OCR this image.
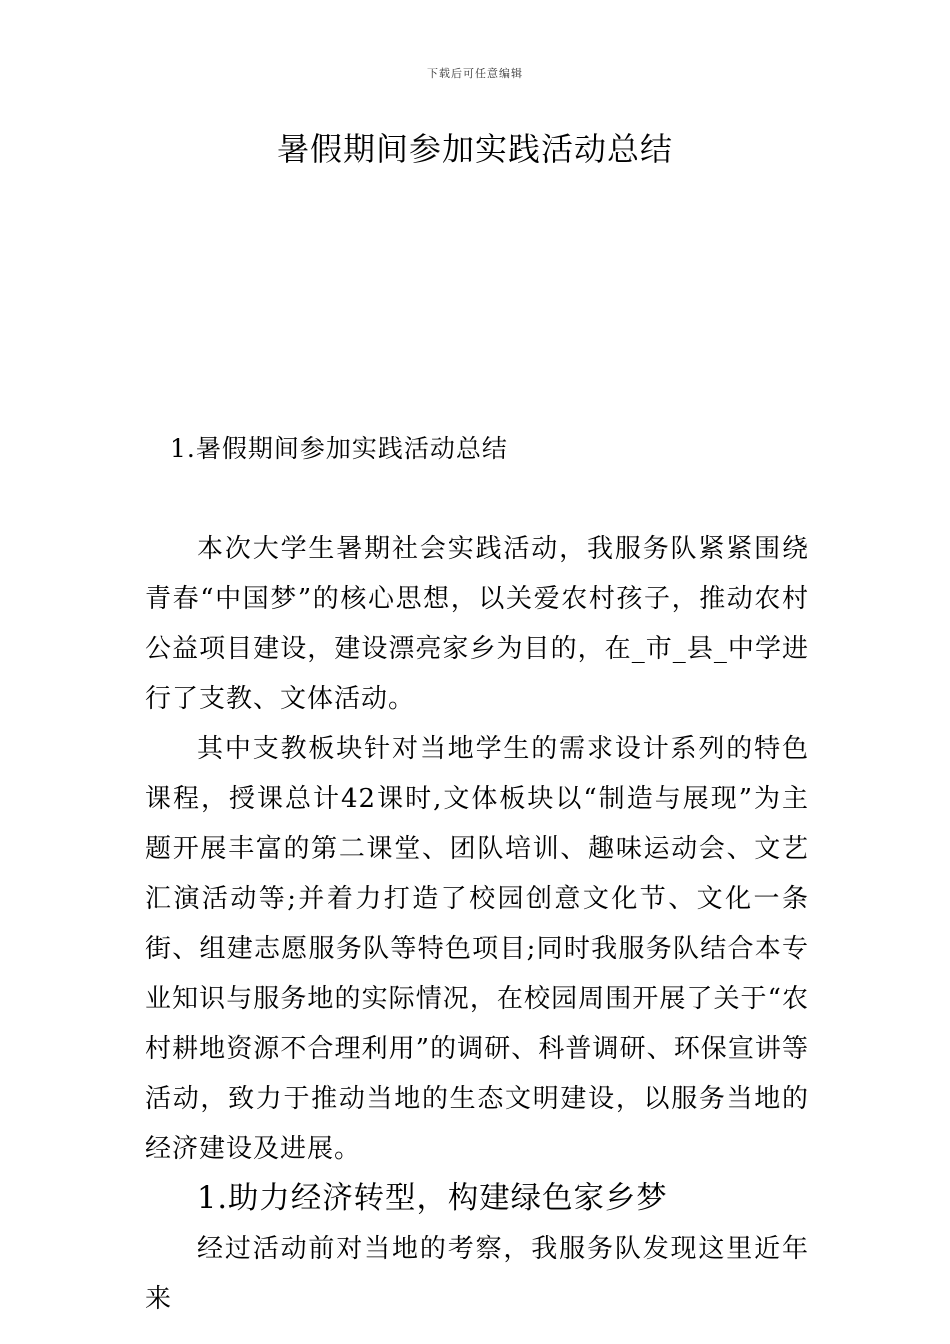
下载后可任意编辑
暑假期间参加实践活动总结
1.暑假期间参加实践活动总结

本次大学生暑期社会实践活动，我服务队紧紧围绕青春“中国梦”的核心思想，以关爱农村孩子，推动农村公益项目建设，建设漂亮家乡为目的，在_市_县_中学进行了支教、文体活动。

其中支教板块针对当地学生的需求设计系列的特色课程，授课总计42课时,文体板块以“制造与展现”为主题开展丰富的第二课堂、团队培训、趣味运动会、文艺汇演活动等;并着力打造了校园创意文化节、文化一条街、组建志愿服务队等特色项目;同时我服务队结合本专业知识与服务地的实际情况，在校园周围开展了关于“农村耕地资源不合理利用”的调研、科普调研、环保宣讲等活动，致力于推动当地的生态文明建设，以服务当地的经济建设及进展。

1.助力经济转型，构建绿色家乡梦

经过活动前对当地的考察，我服务队发现这里近年来
